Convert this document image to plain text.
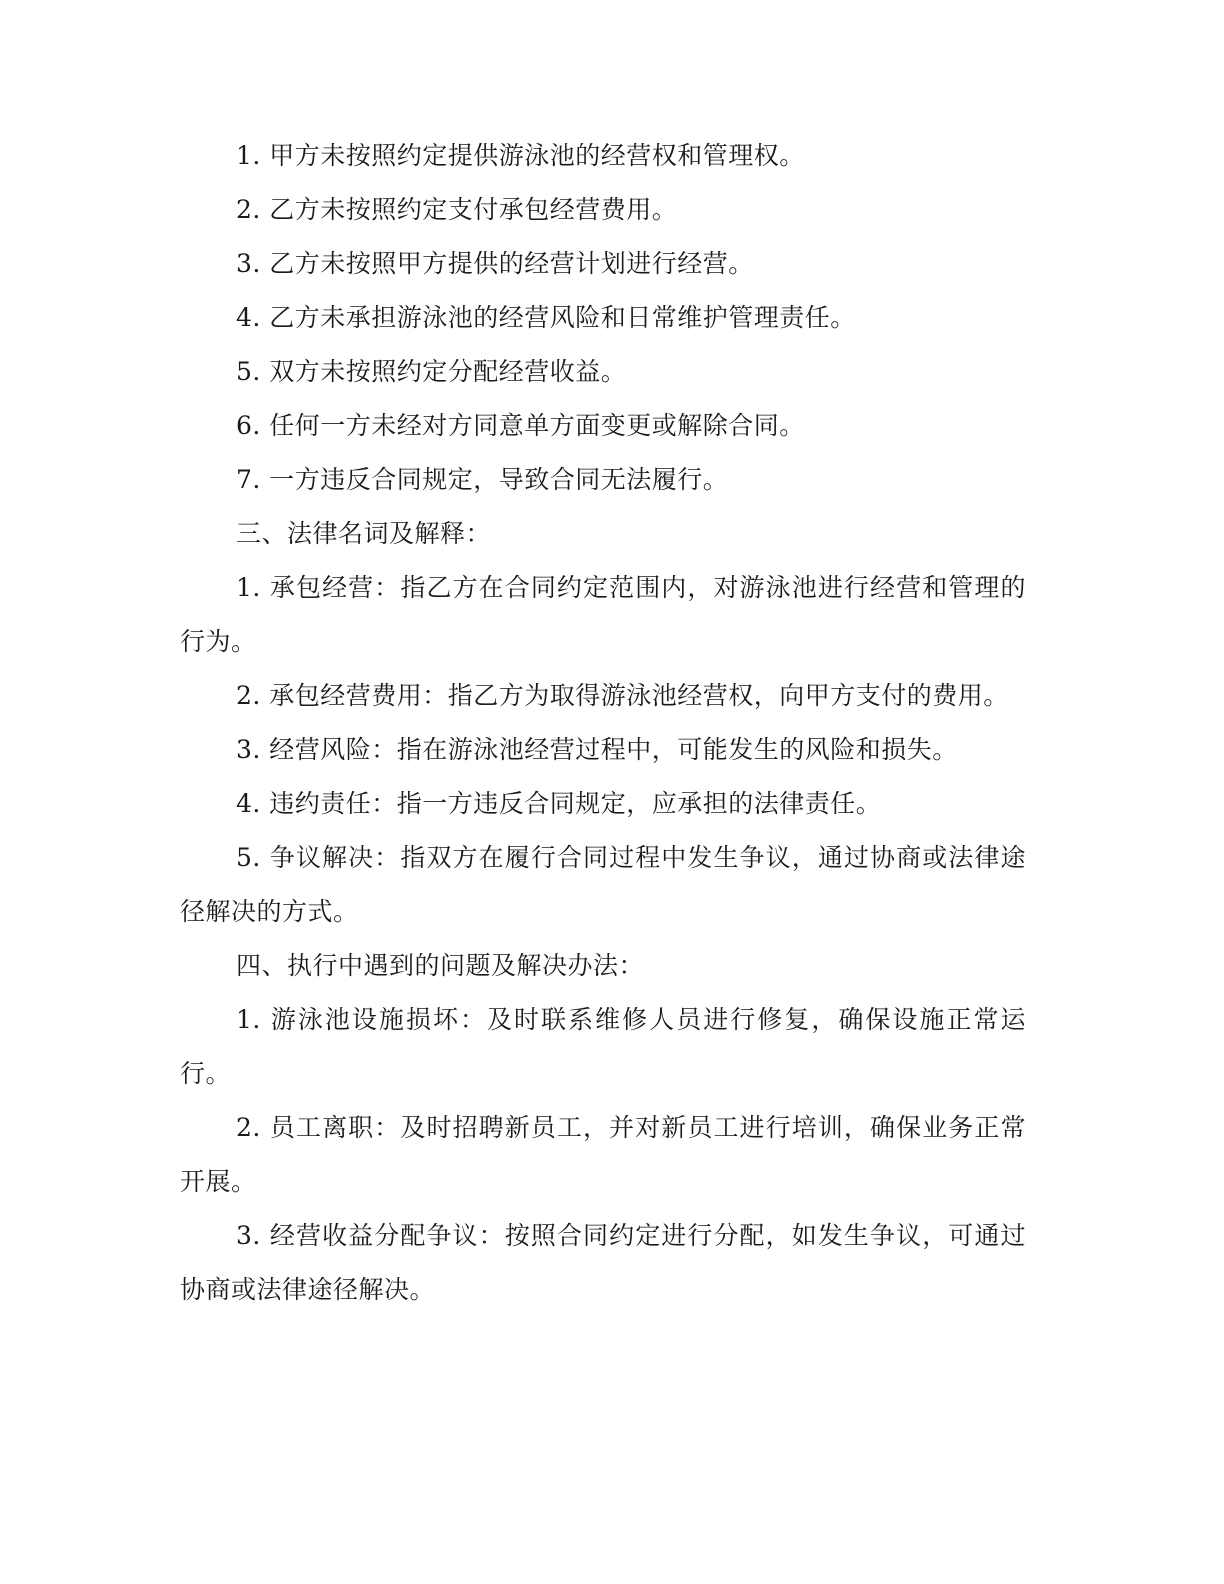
1. 甲方未按照约定提供游泳池的经营权和管理权。

2. 乙方未按照约定支付承包经营费用。

3. 乙方未按照甲方提供的经营计划进行经营。

4. 乙方未承担游泳池的经营风险和日常维护管理责任。

5. 双方未按照约定分配经营收益。

6. 任何一方未经对方同意单方面变更或解除合同。

7. 一方违反合同规定，导致合同无法履行。

三、法律名词及解释：

1. 承包经营：指乙方在合同约定范围内，对游泳池进行经营和管理的行为。

2. 承包经营费用：指乙方为取得游泳池经营权，向甲方支付的费用。

3. 经营风险：指在游泳池经营过程中，可能发生的风险和损失。

4. 违约责任：指一方违反合同规定，应承担的法律责任。

5. 争议解决：指双方在履行合同过程中发生争议，通过协商或法律途径解决的方式。

四、执行中遇到的问题及解决办法：

1. 游泳池设施损坏：及时联系维修人员进行修复，确保设施正常运行。

2. 员工离职：及时招聘新员工，并对新员工进行培训，确保业务正常开展。

3. 经营收益分配争议：按照合同约定进行分配，如发生争议，可通过协商或法律途径解决。
